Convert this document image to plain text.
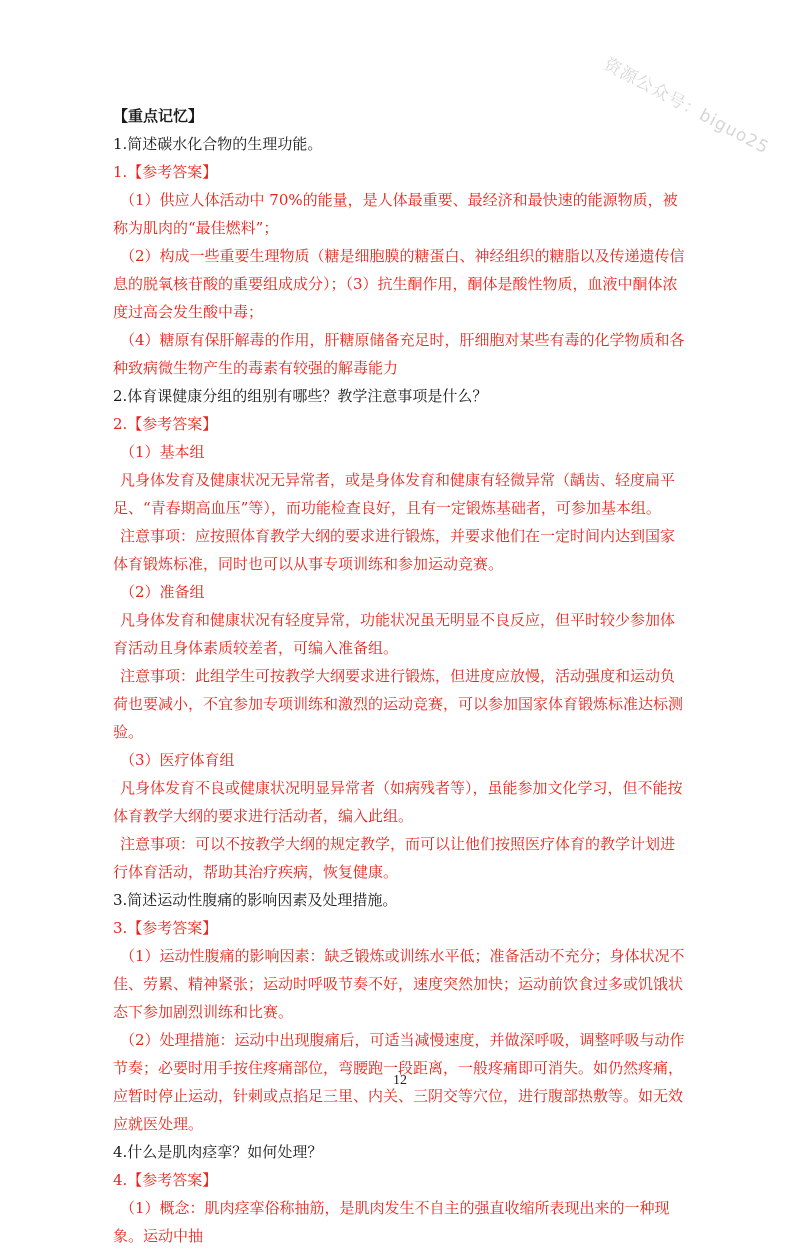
资源公众号：biguo25

【重点记忆】

1.简述碳水化合物的生理功能。

1.【参考答案】

（1）供应人体活动中 70%的能量，是人体最重要、最经济和最快速的能源物质，被称为肌肉的“最佳燃料”；

（2）构成一些重要生理物质（糖是细胞膜的糖蛋白、神经组织的糖脂以及传递遗传信息的脱氧核苷酸的重要组成成分）；（3）抗生酮作用，酮体是酸性物质，血液中酮体浓度过高会发生酸中毒；

（4）糖原有保肝解毒的作用，肝糖原储备充足时，肝细胞对某些有毒的化学物质和各种致病微生物产生的毒素有较强的解毒能力

2.体育课健康分组的组别有哪些？教学注意事项是什么？

2.【参考答案】

（1）基本组

凡身体发育及健康状况无异常者，或是身体发育和健康有轻微异常（龋齿、轻度扁平足、“青春期高血压”等），而功能检查良好，且有一定锻炼基础者，可参加基本组。

注意事项：应按照体育教学大纲的要求进行锻炼，并要求他们在一定时间内达到国家体育锻炼标准，同时也可以从事专项训练和参加运动竞赛。

（2）准备组

凡身体发育和健康状况有轻度异常，功能状况虽无明显不良反应，但平时较少参加体育活动且身体素质较差者，可编入准备组。

注意事项：此组学生可按教学大纲要求进行锻炼，但进度应放慢，活动强度和运动负荷也要减小，不宜参加专项训练和激烈的运动竞赛，可以参加国家体育锻炼标准达标测验。

（3）医疗体育组

凡身体发育不良或健康状况明显异常者（如病残者等），虽能参加文化学习，但不能按体育教学大纲的要求进行活动者，编入此组。

注意事项：可以不按教学大纲的规定教学，而可以让他们按照医疗体育的教学计划进行体育活动，帮助其治疗疾病，恢复健康。

3.简述运动性腹痛的影响因素及处理措施。

3.【参考答案】

（1）运动性腹痛的影响因素：缺乏锻炼或训练水平低；准备活动不充分；身体状况不佳、劳累、精神紧张；运动时呼吸节奏不好，速度突然加快；运动前饮食过多或饥饿状态下参加剧烈训练和比赛。

（2）处理措施：运动中出现腹痛后，可适当减慢速度，并做深呼吸，调整呼吸与动作节奏；必要时用手按住疼痛部位，弯腰跑一段距离，一般疼痛即可消失。如仍然疼痛，应暂时停止运动，针刺或点掐足三里、内关、三阴交等穴位，进行腹部热敷等。如无效应就医处理。

4.什么是肌肉痉挛？如何处理？

4.【参考答案】

（1）概念：肌肉痉挛俗称抽筋，是肌肉发生不自主的强直收缩所表现出来的一种现象。运动中抽

12
